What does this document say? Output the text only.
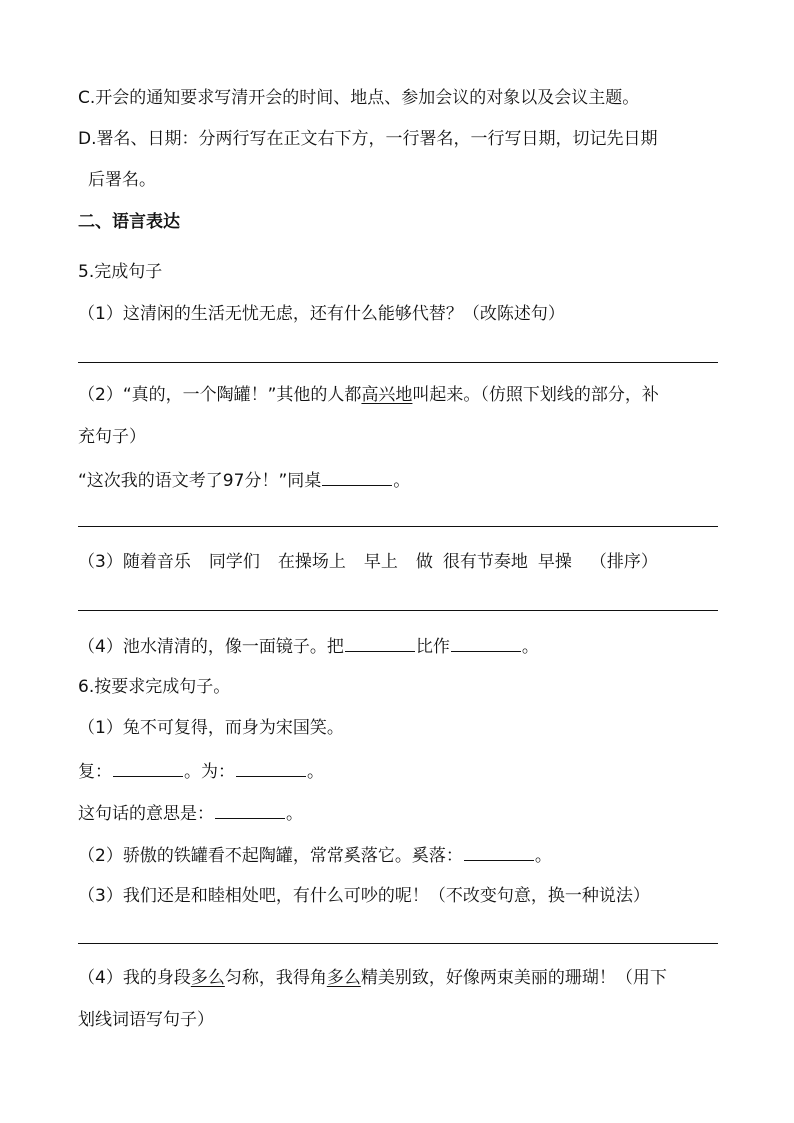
C.开会的通知要求写清开会的时间、地点、参加会议的对象以及会议主题。
D.署名、日期：分两行写在正文右下方，一行署名，一行写日期，切记先日期
后署名。
二、语言表达
5.完成句子
（1）这清闲的生活无忧无虑，还有什么能够代替？（改陈述句）
（2）“真的，一个陶罐！”其他的人都高兴地叫起来。（仿照下划线的部分，补
充句子）
“这次我的语文考了97分！”同桌	。
（3）随着音乐 同学们 在操场上 早上 做 很有节奏地 早操 （排序）
（4）池水清清的，像一面镜子。把	比作	。
6.按要求完成句子。
（1）兔不可复得，而身为宋国笑。
复：	。为：	。
这句话的意思是：	。
（2）骄傲的铁罐看不起陶罐，常常奚落它。奚落：	。
（3）我们还是和睦相处吧，有什么可吵的呢！（不改变句意，换一种说法）
（4）我的身段多么匀称，我得角多么精美别致，好像两束美丽的珊瑚！（用下
划线词语写句子）
